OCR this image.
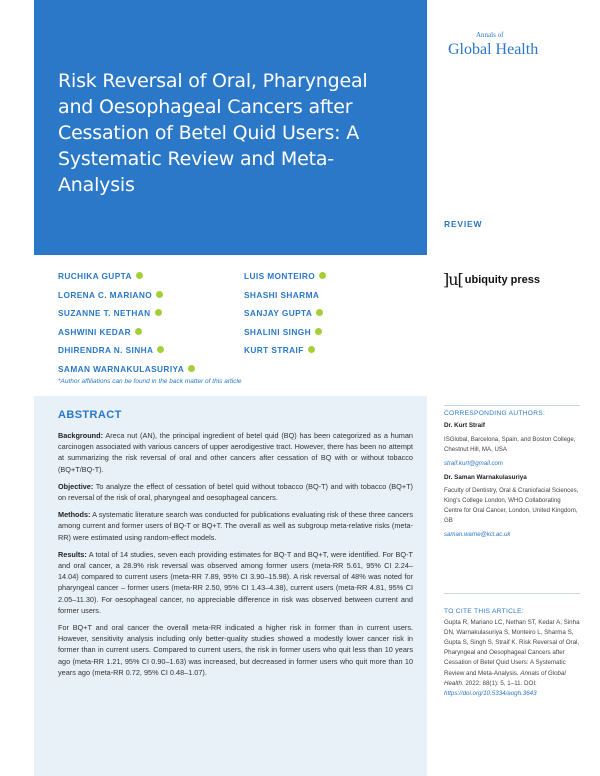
Risk Reversal of Oral, Pharyngeal and Oesophageal Cancers after Cessation of Betel Quid Users: A Systematic Review and Meta-Analysis
Annals of
Global Health
REVIEW
RUCHIKA GUPTA
LORENA C. MARIANO
SUZANNE T. NETHAN
ASHWINI KEDAR
DHIRENDRA N. SINHA
SAMAN WARNAKULASURIYA
LUIS MONTEIRO
SHASHI SHARMA
SANJAY GUPTA
SHALINI SINGH
KURT STRAIF
*Author affiliations can be found in the back matter of this article
]u[ ubiquity press
ABSTRACT

Background: Areca nut (AN), the principal ingredient of betel quid (BQ) has been categorized as a human carcinogen associated with various cancers of upper aerodigestive tract. However, there has been no attempt at summarizing the risk reversal of oral and other cancers after cessation of BQ with or without tobacco (BQ+T/BQ-T).

Objective: To analyze the effect of cessation of betel quid without tobacco (BQ-T) and with tobacco (BQ+T) on reversal of the risk of oral, pharyngeal and oesophageal cancers.

Methods: A systematic literature search was conducted for publications evaluating risk of these three cancers among current and former users of BQ-T or BQ+T. The overall as well as subgroup meta-relative risks (meta-RR) were estimated using random-effect models.

Results: A total of 14 studies, seven each providing estimates for BQ-T and BQ+T, were identified. For BQ-T and oral cancer, a 28.9% risk reversal was observed among former users (meta-RR 5.61, 95% CI 2.24–14.04) compared to current users (meta-RR 7.89, 95% CI 3.90–15.98). A risk reversal of 48% was noted for pharyngeal cancer – former users (meta-RR 2.50, 95% CI 1.43–4.38), current users (meta-RR 4.81, 95% CI 2.05–11.30). For oesophageal cancer, no appreciable difference in risk was observed between current and former users.

For BQ+T and oral cancer the overall meta-RR indicated a higher risk in former than in current users. However, sensitivity analysis including only better-quality studies showed a modestly lower cancer risk in former than in current users. Compared to current users, the risk in former users who quit less than 10 years ago (meta-RR 1.21, 95% CI 0.90–1.63) was increased, but decreased in former users who quit more than 10 years ago (meta-RR 0.72, 95% CI 0.48–1.07).

CORRESPONDING AUTHORS:
Dr. Kurt Straif
ISGlobal, Barcelona, Spain, and Boston College, Chestnut Hill, MA, USA
straif.kurt@gmail.com
Dr. Saman Warnakulasuriya
Faculty of Dentistry, Oral & Craniofacial Sciences, King's College London, WHO Collaborating Centre for Oral Cancer, London, United Kingdom, GB
saman.warne@kcl.ac.uk
TO CITE THIS ARTICLE:
Gupta R, Mariano LC, Nethan ST, Kedar A, Sinha DN, Warnakulasuriya S, Monteiro L, Sharma S, Gupta S, Singh S, Straif K. Risk Reversal of Oral, Pharyngeal and Oesophageal Cancers after Cessation of Betel Quid Users: A Systematic Review and Meta-Analysis. Annals of Global Health. 2022; 88(1): 5, 1–11. DOI: https://doi.org/10.5334/aogh.3643
